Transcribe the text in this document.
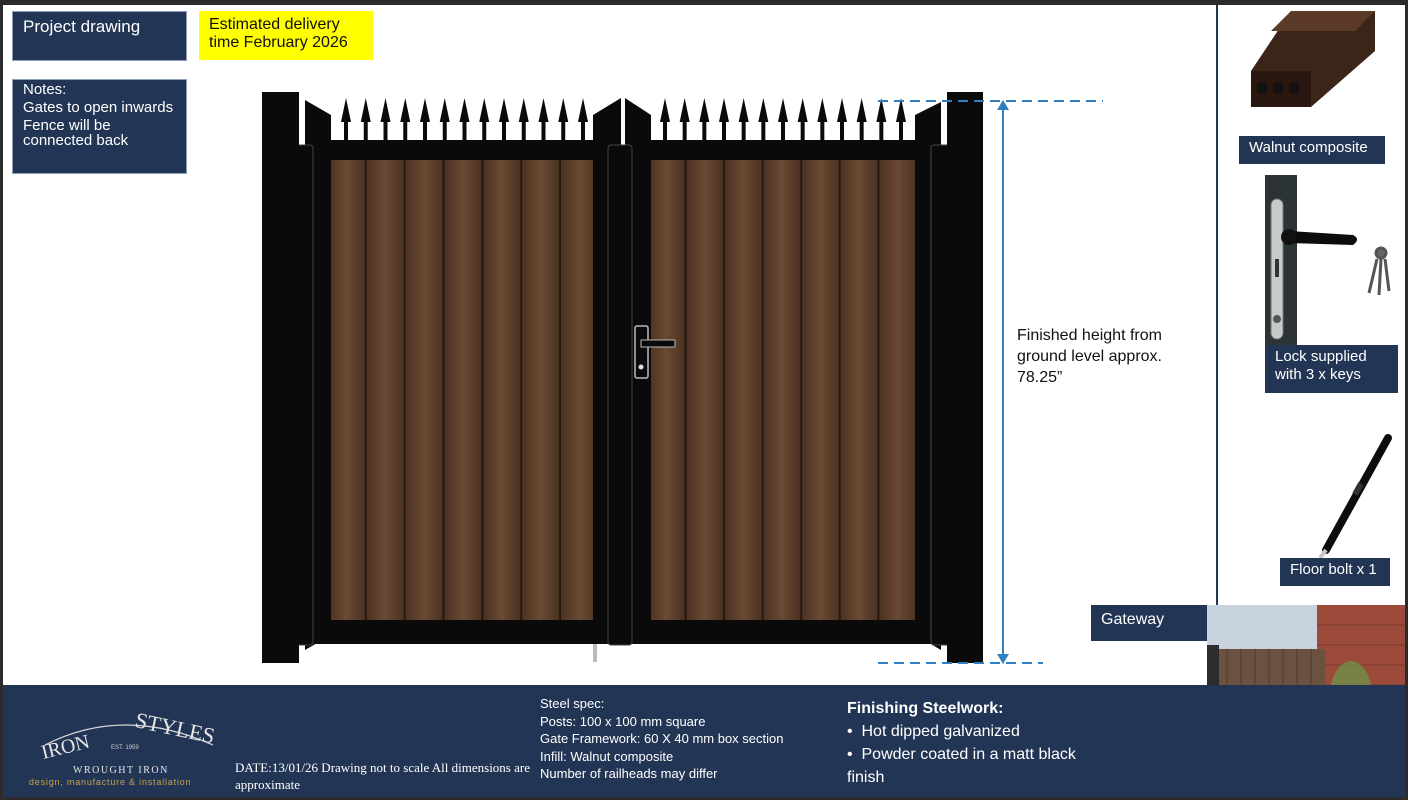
Project drawing	Estimated delivery
time February 2026
Notes:
Gates to open inwards
Fence will be connected back
Finished height from
ground level approx.
78.25”
Walnut composite
Lock supplied
with 3 x keys
Floor bolt x 1
Gateway
IRON STYLES
EST. 1959
WROUGHT IRON
design, manufacture & installation
DATE:13/01/26 Drawing not to scale All dimensions are approximate
Steel spec:
Posts: 100 x 100 mm square
Gate Framework: 60 X 40 mm box section
Infill: Walnut composite
Number of railheads may differ
Finishing Steelwork:
•  Hot dipped galvanized
•  Powder coated in a matt black finish
